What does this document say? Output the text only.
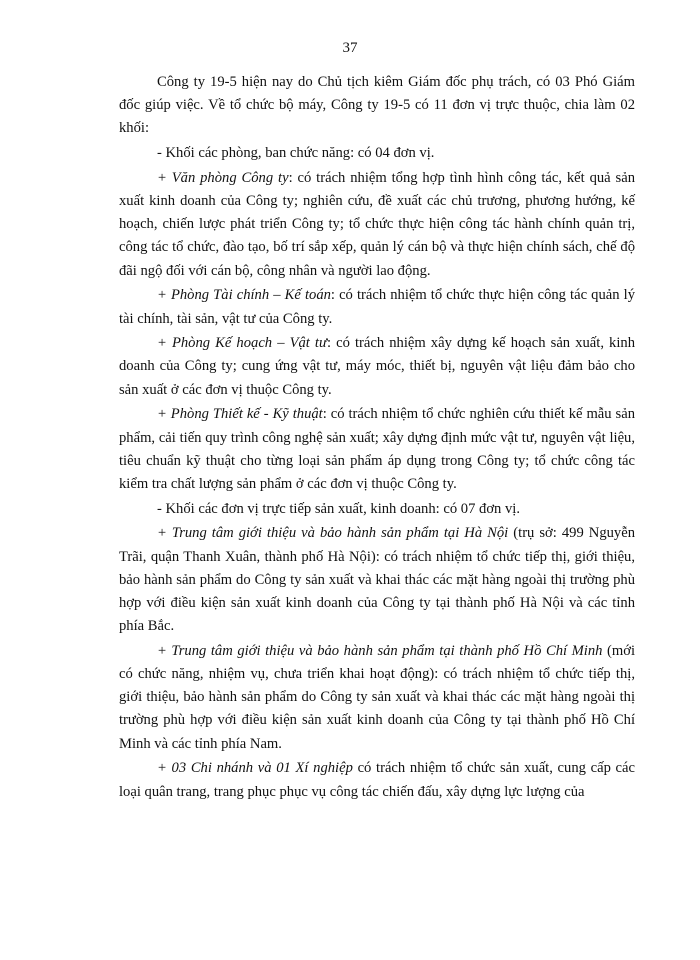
37

Công ty 19-5 hiện nay do Chủ tịch kiêm Giám đốc phụ trách, có 03 Phó Giám đốc giúp việc. Về tổ chức bộ máy, Công ty 19-5 có 11 đơn vị trực thuộc, chia làm 02 khối:

- Khối các phòng, ban chức năng: có 04 đơn vị.

+ Văn phòng Công ty: có trách nhiệm tổng hợp tình hình công tác, kết quả sản xuất kinh doanh của Công ty; nghiên cứu, đề xuất các chủ trương, phương hướng, kế hoạch, chiến lược phát triển Công ty; tổ chức thực hiện công tác hành chính quản trị, công tác tổ chức, đào tạo, bố trí sắp xếp, quản lý cán bộ và thực hiện chính sách, chế độ đãi ngộ đối với cán bộ, công nhân và người lao động.

+ Phòng Tài chính – Kế toán: có trách nhiệm tổ chức thực hiện công tác quản lý tài chính, tài sản, vật tư của Công ty.

+ Phòng Kế hoạch – Vật tư: có trách nhiệm xây dựng kế hoạch sản xuất, kinh doanh của Công ty; cung ứng vật tư, máy móc, thiết bị, nguyên vật liệu đảm bảo cho sản xuất ở các đơn vị thuộc Công ty.

+ Phòng Thiết kế - Kỹ thuật: có trách nhiệm tổ chức nghiên cứu thiết kế mẫu sản phẩm, cải tiến quy trình công nghệ sản xuất; xây dựng định mức vật tư, nguyên vật liệu, tiêu chuẩn kỹ thuật cho từng loại sản phẩm áp dụng trong Công ty; tổ chức công tác kiểm tra chất lượng sản phẩm ở các đơn vị thuộc Công ty.

- Khối các đơn vị trực tiếp sản xuất, kinh doanh: có 07 đơn vị.

+ Trung tâm giới thiệu và bảo hành sản phẩm tại Hà Nội (trụ sở: 499 Nguyễn Trãi, quận Thanh Xuân, thành phố Hà Nội): có trách nhiệm tổ chức tiếp thị, giới thiệu, bảo hành sản phẩm do Công ty sản xuất và khai thác các mặt hàng ngoài thị trường phù hợp với điều kiện sản xuất kinh doanh của Công ty tại thành phố Hà Nội và các tỉnh phía Bắc.

+ Trung tâm giới thiệu và bảo hành sản phẩm tại thành phố Hồ Chí Minh (mới có chức năng, nhiệm vụ, chưa triển khai hoạt động): có trách nhiệm tổ chức tiếp thị, giới thiệu, bảo hành sản phẩm do Công ty sản xuất và khai thác các mặt hàng ngoài thị trường phù hợp với điều kiện sản xuất kinh doanh của Công ty tại thành phố Hồ Chí Minh và các tỉnh phía Nam.

+ 03 Chi nhánh và 01 Xí nghiệp có trách nhiệm tổ chức sản xuất, cung cấp các loại quân trang, trang phục phục vụ công tác chiến đấu, xây dựng lực lượng của
